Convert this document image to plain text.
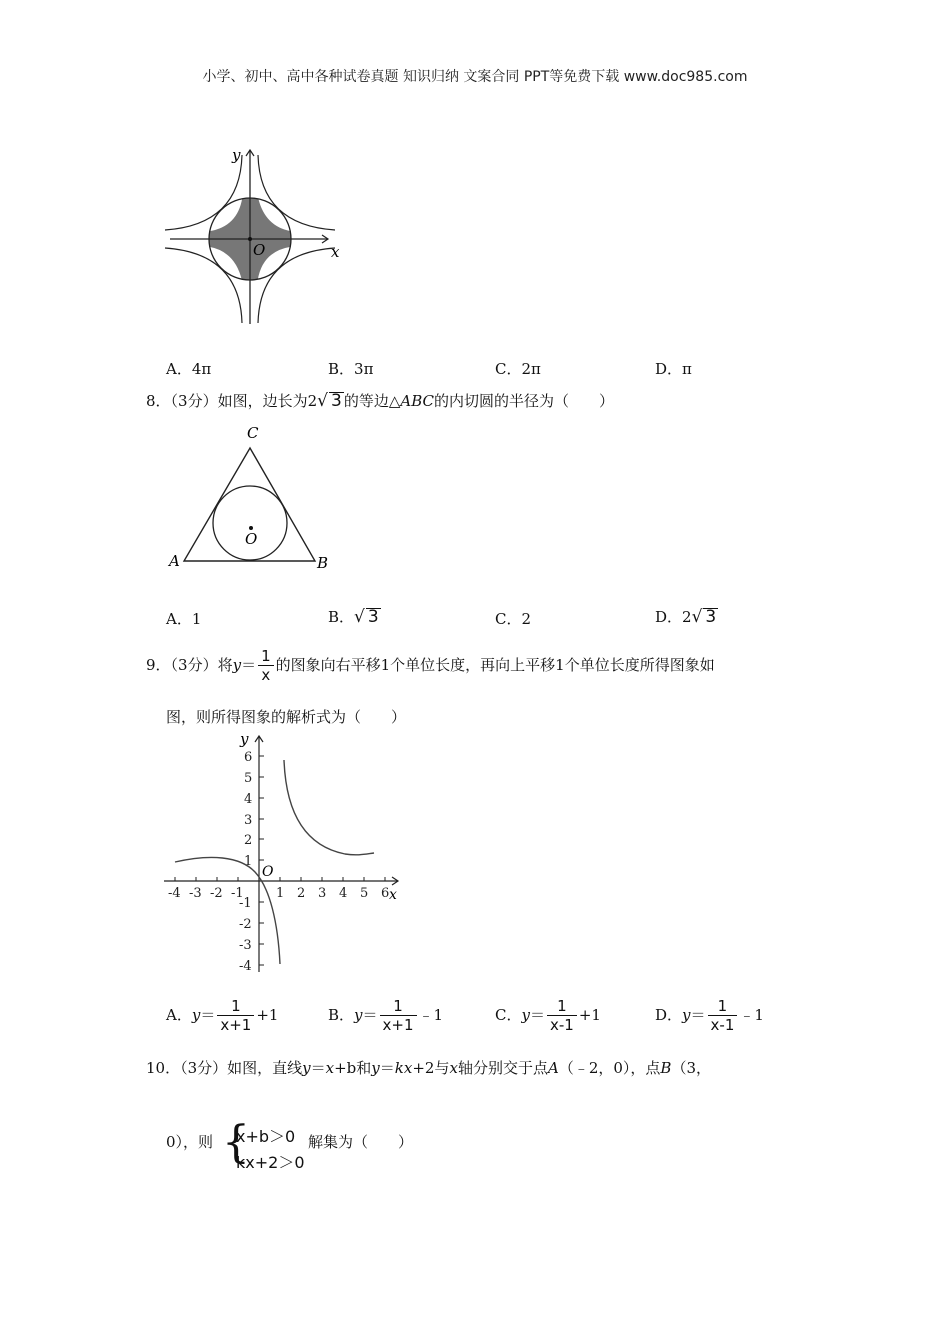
小学、初中、高中各种试卷真题 知识归纳 文案合同 PPT等免费下载 www.doc985.com
y
x
O
A．4π	B．3π	C．2π	D．π
8．（3分）如图，边长为2√ 3 的等边△ABC的内切圆的半径为（　　）
C
A	B
O
A．1	B．√ 3	C．2	D．2√ 3
9．（3分）将$y= \frac{1}{x}$ 的图象向右平移1个单位长度，再向上平移1个单位长度所得图象如
图，则所得图象的解析式为（　　）
-4 -3 -2 -1 1 2 3 4 5 6
6
5
4
3
2
1
-1
-2
-3
-4
x
y
O
A．$y= \frac{1}{x+1} +1$	B．$y= \frac{1}{x+1}$ ﹣1	C．$y= \frac{1}{x-1} +1$	D．$y= \frac{1}{x-1}$ ﹣1
10．（3分）如图，直线y＝x+b和y＝kx+2与x轴分别交于点A（﹣2，0），点B（3，
0），则 {
x+b＞0
kx+2＞0
解集为（　　）
